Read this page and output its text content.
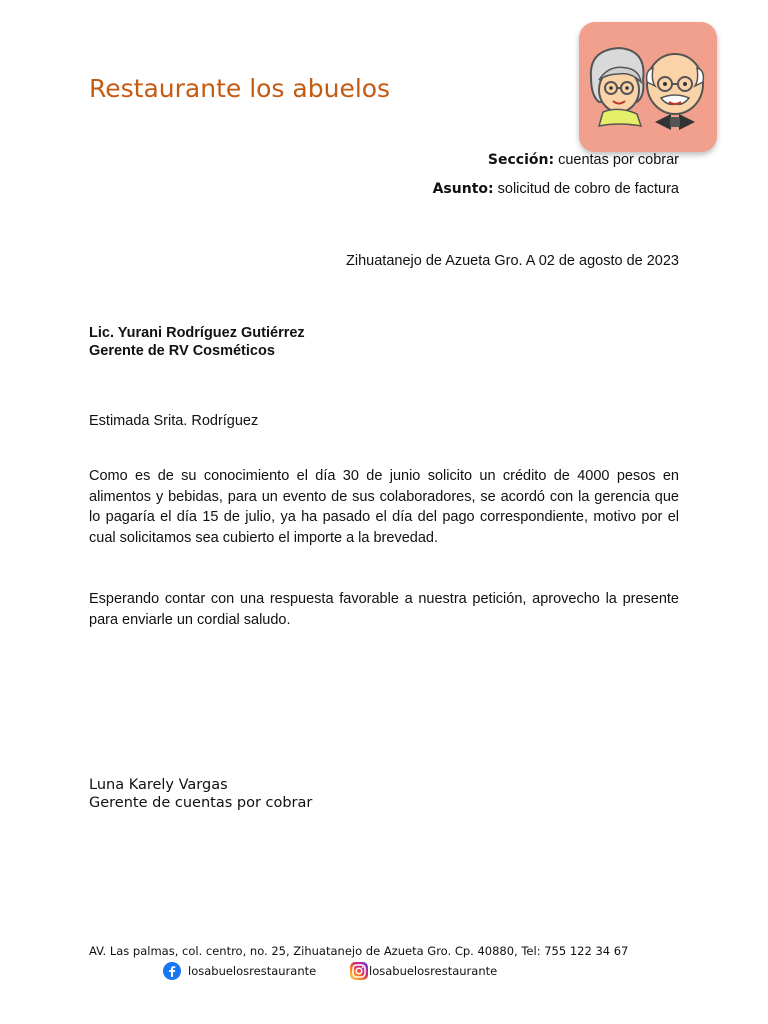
Restaurante los abuelos
Sección: cuentas por cobrar
Asunto: solicitud de cobro de factura
Zihuatanejo de Azueta Gro. A 02 de agosto de 2023
Lic. Yurani Rodríguez Gutiérrez
Gerente de RV Cosméticos
Estimada Srita. Rodríguez
Como es de su conocimiento el día 30 de junio solicito un crédito de 4000 pesos en alimentos y bebidas, para un evento de sus colaboradores, se acordó con la gerencia que lo pagaría el día 15 de julio, ya ha pasado el día del pago correspondiente, motivo por el cual solicitamos sea cubierto el importe a la brevedad.
Esperando contar con una respuesta favorable a nuestra petición, aprovecho la presente para enviarle un cordial saludo.
Luna Karely Vargas
Gerente de cuentas por cobrar
AV. Las palmas, col. centro, no. 25, Zihuatanejo de Azueta Gro. Cp. 40880, Tel: 755 122 34 67
losabuelosrestaurante	losabuelosrestaurante
